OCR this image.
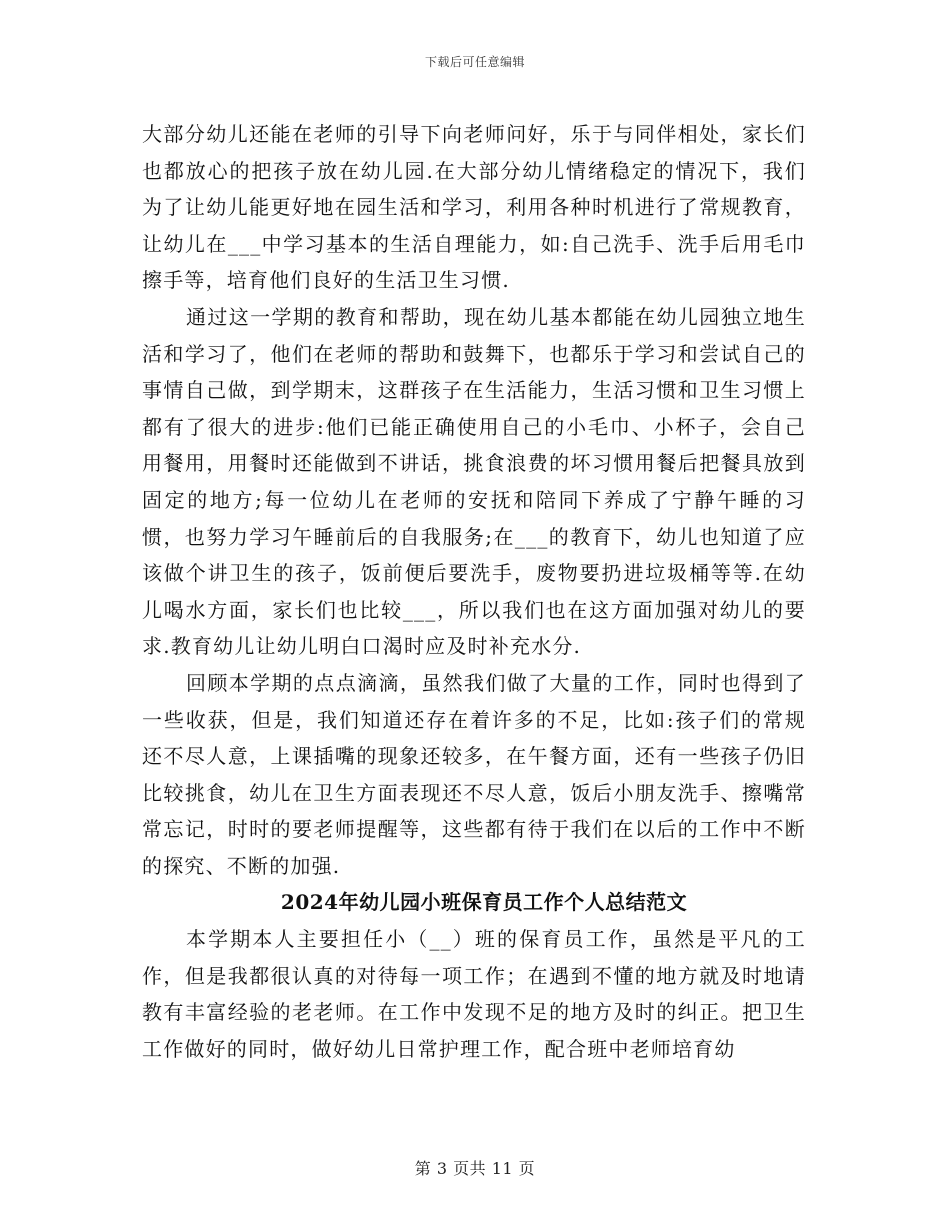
下载后可任意编辑

大部分幼儿还能在老师的引导下向老师问好，乐于与同伴相处，家长们也都放心的把孩子放在幼儿园.在大部分幼儿情绪稳定的情况下，我们为了让幼儿能更好地在园生活和学习，利用各种时机进行了常规教育，让幼儿在___中学习基本的生活自理能力，如:自己洗手、洗手后用毛巾擦手等，培育他们良好的生活卫生习惯.

通过这一学期的教育和帮助，现在幼儿基本都能在幼儿园独立地生活和学习了，他们在老师的帮助和鼓舞下，也都乐于学习和尝试自己的事情自己做，到学期末，这群孩子在生活能力，生活习惯和卫生习惯上都有了很大的进步:他们已能正确使用自己的小毛巾、小杯子，会自己用餐用，用餐时还能做到不讲话，挑食浪费的坏习惯用餐后把餐具放到固定的地方;每一位幼儿在老师的安抚和陪同下养成了宁静午睡的习惯，也努力学习午睡前后的自我服务;在___的教育下，幼儿也知道了应该做个讲卫生的孩子，饭前便后要洗手，废物要扔进垃圾桶等等.在幼儿喝水方面，家长们也比较___，所以我们也在这方面加强对幼儿的要求.教育幼儿让幼儿明白口渴时应及时补充水分.

回顾本学期的点点滴滴，虽然我们做了大量的工作，同时也得到了一些收获，但是，我们知道还存在着许多的不足，比如:孩子们的常规还不尽人意，上课插嘴的现象还较多，在午餐方面，还有一些孩子仍旧比较挑食，幼儿在卫生方面表现还不尽人意，饭后小朋友洗手、擦嘴常常忘记，时时的要老师提醒等，这些都有待于我们在以后的工作中不断的探究、不断的加强.

2024年幼儿园小班保育员工作个人总结范文

本学期本人主要担任小（__）班的保育员工作，虽然是平凡的工作，但是我都很认真的对待每一项工作；在遇到不懂的地方就及时地请教有丰富经验的老老师。在工作中发现不足的地方及时的纠正。把卫生工作做好的同时，做好幼儿日常护理工作，配合班中老师培育幼

第 3 页共 11 页
